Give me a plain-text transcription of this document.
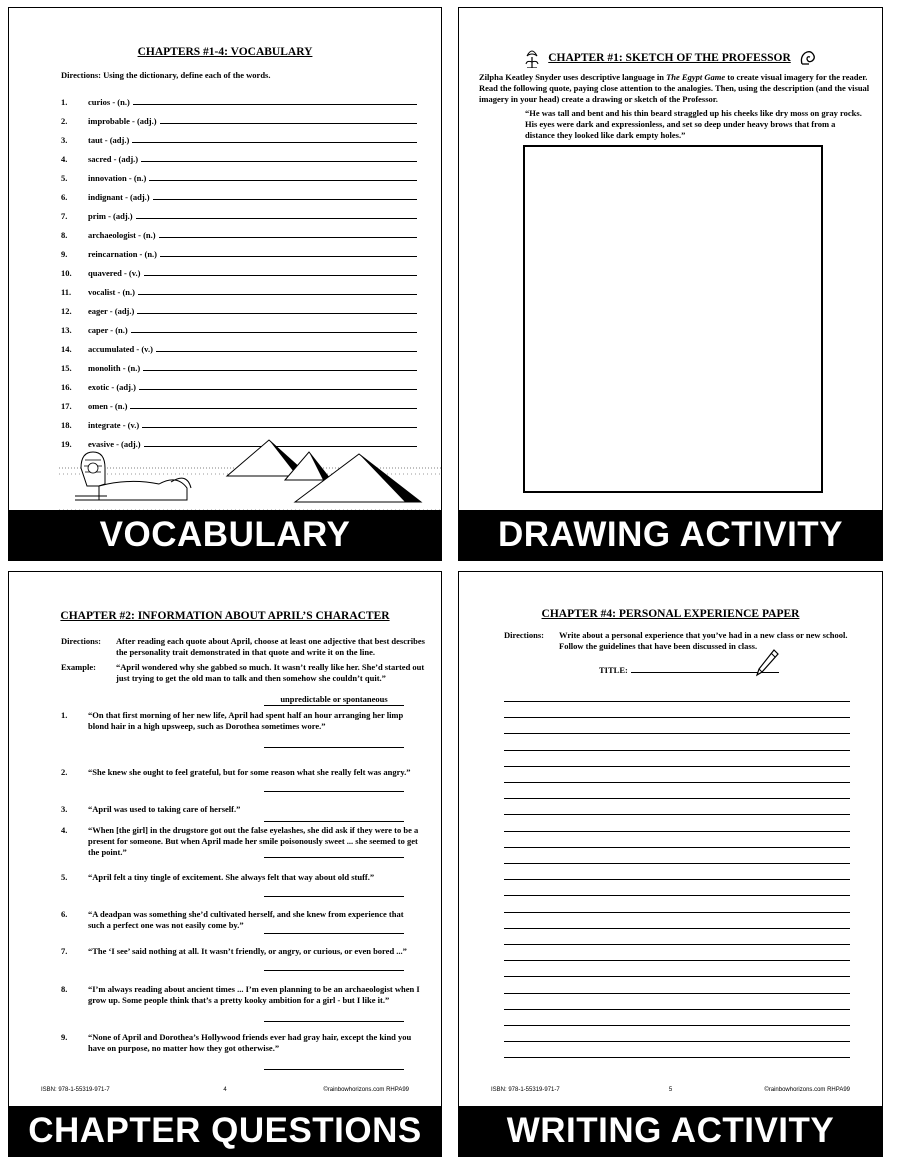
CHAPTERS #1-4: VOCABULARY
Directions: Using the dictionary, define each of the words.
1.	curios - (n.)
2.	improbable - (adj.)
3.	taut - (adj.)
4.	sacred - (adj.)
5.	innovation - (n.)
6.	indignant - (adj.)
7.	prim - (adj.)
8.	archaeologist - (n.)
9.	reincarnation - (n.)
10.	quavered - (v.)
11.	vocalist - (n.)
12.	eager - (adj.)
13.	caper - (n.)
14.	accumulated - (v.)
15.	monolith - (n.)
16.	exotic - (adj.)
17.	omen - (n.)
18.	integrate - (v.)
19.	evasive - (adj.)
VOCABULARY
CHAPTER #1: SKETCH OF THE PROFESSOR
Zilpha Keatley Snyder uses descriptive language in The Egypt Game to create visual imagery for the reader. Read the following quote, paying close attention to the analogies. Then, using the description (and the visual imagery in your head) create a drawing or sketch of the Professor.
“He was tall and bent and his thin beard straggled up his cheeks like dry moss on gray rocks. His eyes were dark and expressionless, and set so deep under heavy brows that from a distance they looked like dark empty holes.”
DRAWING ACTIVITY
CHAPTER #2: INFORMATION ABOUT APRIL’S CHARACTER
Directions: After reading each quote about April, choose at least one adjective that best describes the personality trait demonstrated in that quote and write it on the line.
Example: “April wondered why she gabbed so much. It wasn’t really like her. She’d started out just trying to get the old man to talk and then somehow she couldn’t quit.”
unpredictable or spontaneous
1. “On that first morning of her new life, April had spent half an hour arranging her limp blond hair in a high upsweep, such as Dorothea sometimes wore.”
2. “She knew she ought to feel grateful, but for some reason what she really felt was angry.”
3. “April was used to taking care of herself.”
4. “When [the girl] in the drugstore got out the false eyelashes, she did ask if they were to be a present for someone. But when April made her smile poisonously sweet ... she seemed to get the point.”
5. “April felt a tiny tingle of excitement. She always felt that way about old stuff.”
6. “A deadpan was something she’d cultivated herself, and she knew from experience that such a perfect one was not easily come by.”
7. “The ‘I see’ said nothing at all. It wasn’t friendly, or angry, or curious, or even bored ...”
8. “I’m always reading about ancient times ... I’m even planning to be an archaeologist when I grow up. Some people think that’s a pretty kooky ambition for a girl - but I like it.”
9. “None of April and Dorothea’s Hollywood friends ever had gray hair, except the kind you have on purpose, no matter how they got otherwise.”
ISBN: 978-1-55319-971-7	4	©rainbowhorizons.com RHPA99
CHAPTER QUESTIONS
CHAPTER #4: PERSONAL EXPERIENCE PAPER
Directions: Write about a personal experience that you’ve had in a new class or new school. Follow the guidelines that have been discussed in class.
TITLE:
ISBN: 978-1-55319-971-7	5	©rainbowhorizons.com RHPA99
WRITING ACTIVITY
